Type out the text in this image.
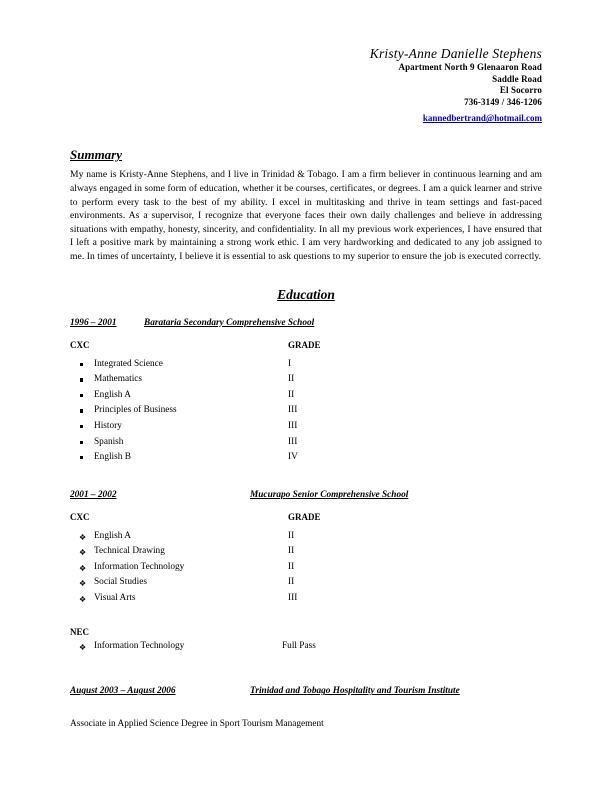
Kristy-Anne Danielle Stephens
Apartment North 9 Glenaaron Road
Saddle Road
El Socorro
736-3149 / 346-1206
kannedbertrand@hotmail.com
Summary

My name is Kristy-Anne Stephens, and I live in Trinidad & Tobago. I am a firm believer in continuous learning and am always engaged in some form of education, whether it be courses, certificates, or degrees. I am a quick learner and strive to perform every task to the best of my ability. I excel in multitasking and thrive in team settings and fast-paced environments. As a supervisor, I recognize that everyone faces their own daily challenges and believe in addressing situations with empathy, honesty, sincerity, and confidentiality. In all my previous work experiences, I have ensured that I left a positive mark by maintaining a strong work ethic. I am very hardworking and dedicated to any job assigned to me. In times of uncertainty, I believe it is essential to ask questions to my superior to ensure the job is executed correctly.

Education
1996 – 2001	Barataria Secondary Comprehensive School
CXC	GRADE
Integrated Science	I
Mathematics	II
English A	II
Principles of Business	III
History	III
Spanish	III
English B	IV
2001 – 2002	Mucurapo Senior Comprehensive School
CXC	GRADE
❖ English A	II
❖ Technical Drawing	II
❖ Information Technology	II
❖ Social Studies	II
❖ Visual Arts	III
NEC
❖ Information Technology	Full Pass
August 2003 – August 2006	Trinidad and Tobago Hospitality and Tourism Institute
Associate in Applied Science Degree in Sport Tourism Management
